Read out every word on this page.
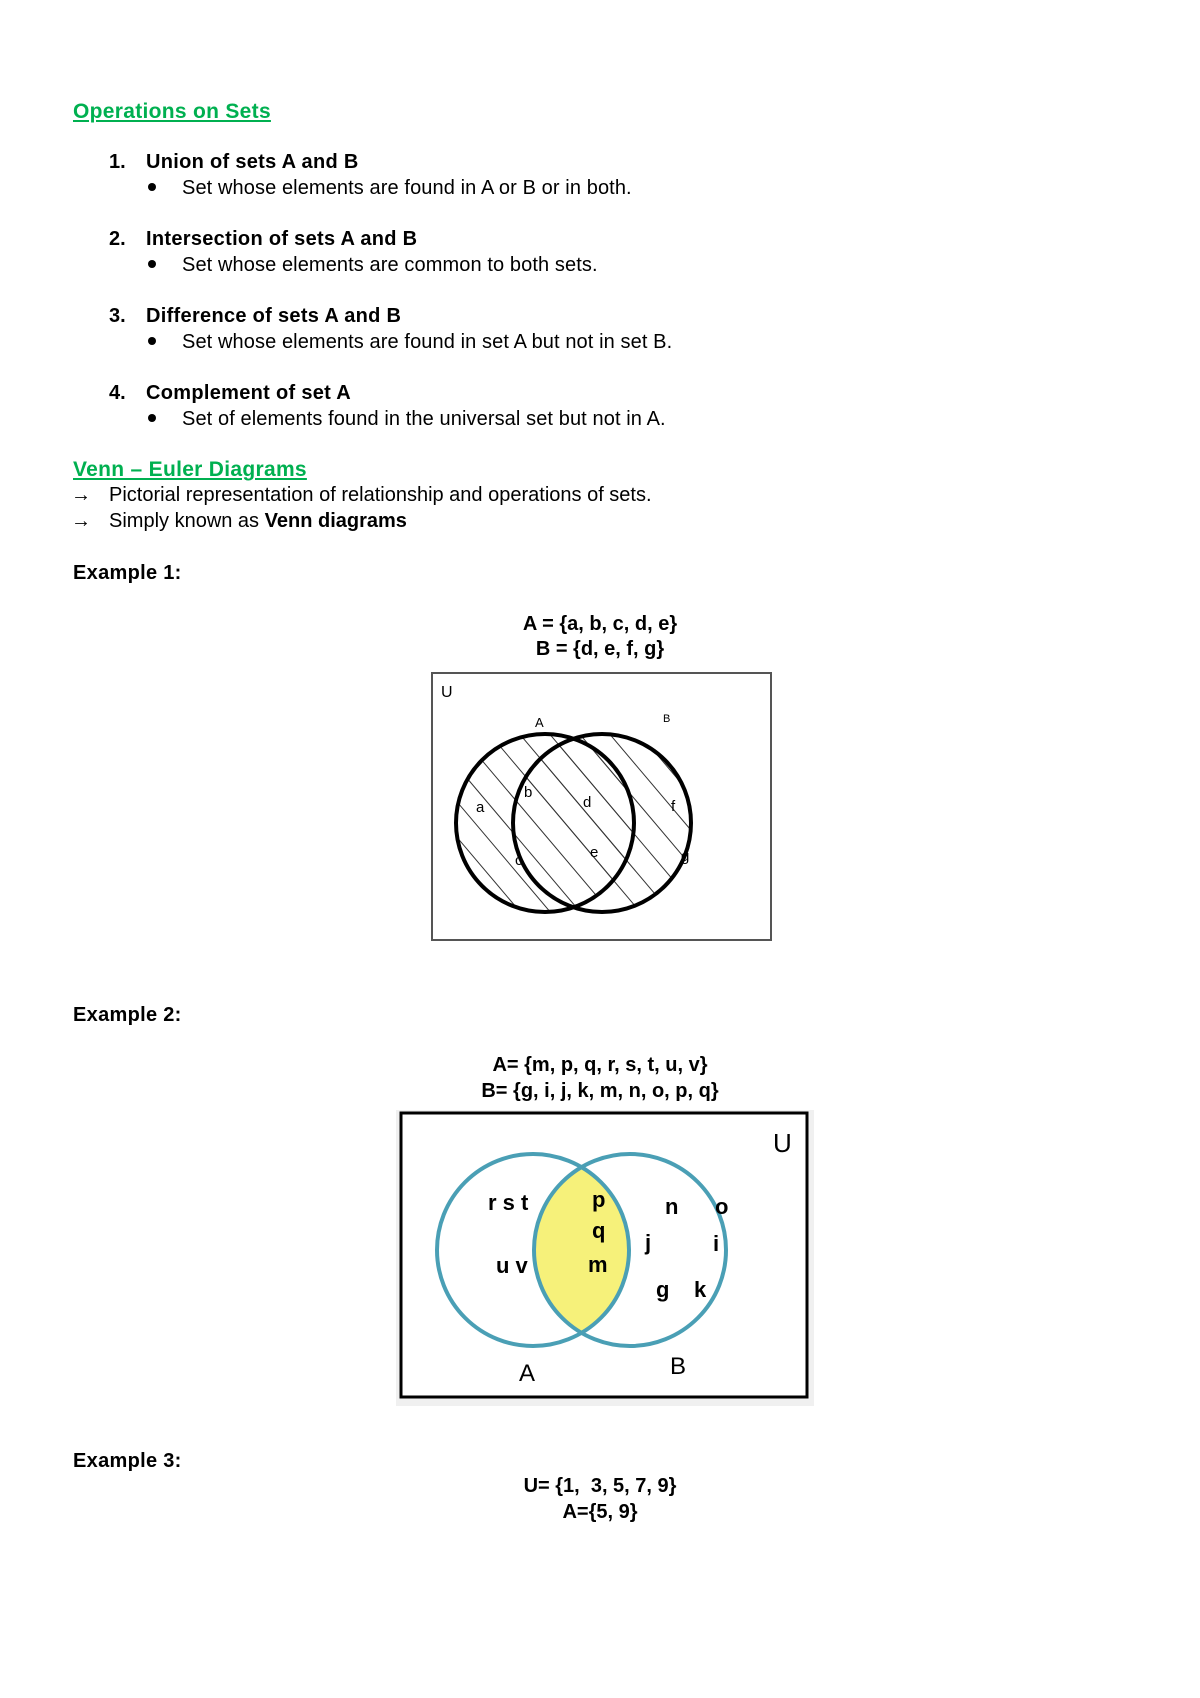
Operations on Sets
1. Union of sets A and B
Set whose elements are found in A or B or in both.
2. Intersection of sets A and B
Set whose elements are common to both sets.
3. Difference of sets A and B
Set whose elements are found in set A but not in set B.
4. Complement of set A
Set of elements found in the universal set but not in A.
Venn – Euler Diagrams
→ Pictorial representation of relationship and operations of sets.
→ Simply known as Venn diagrams
Example 1:
A = {a, b, c, d, e}
B = {d, e, f, g}
U
A	B
a
b
c
d
e
f
g
Example 2:
A= {m, p, q, r, s, t, u, v}
B= {g, i, j, k, m, n, o, p, q}
U
A	B
r s t
u v
p
q
m
n o
j	i
g k
Example 3:
U= {1,  3, 5, 7, 9}
A={5, 9}
